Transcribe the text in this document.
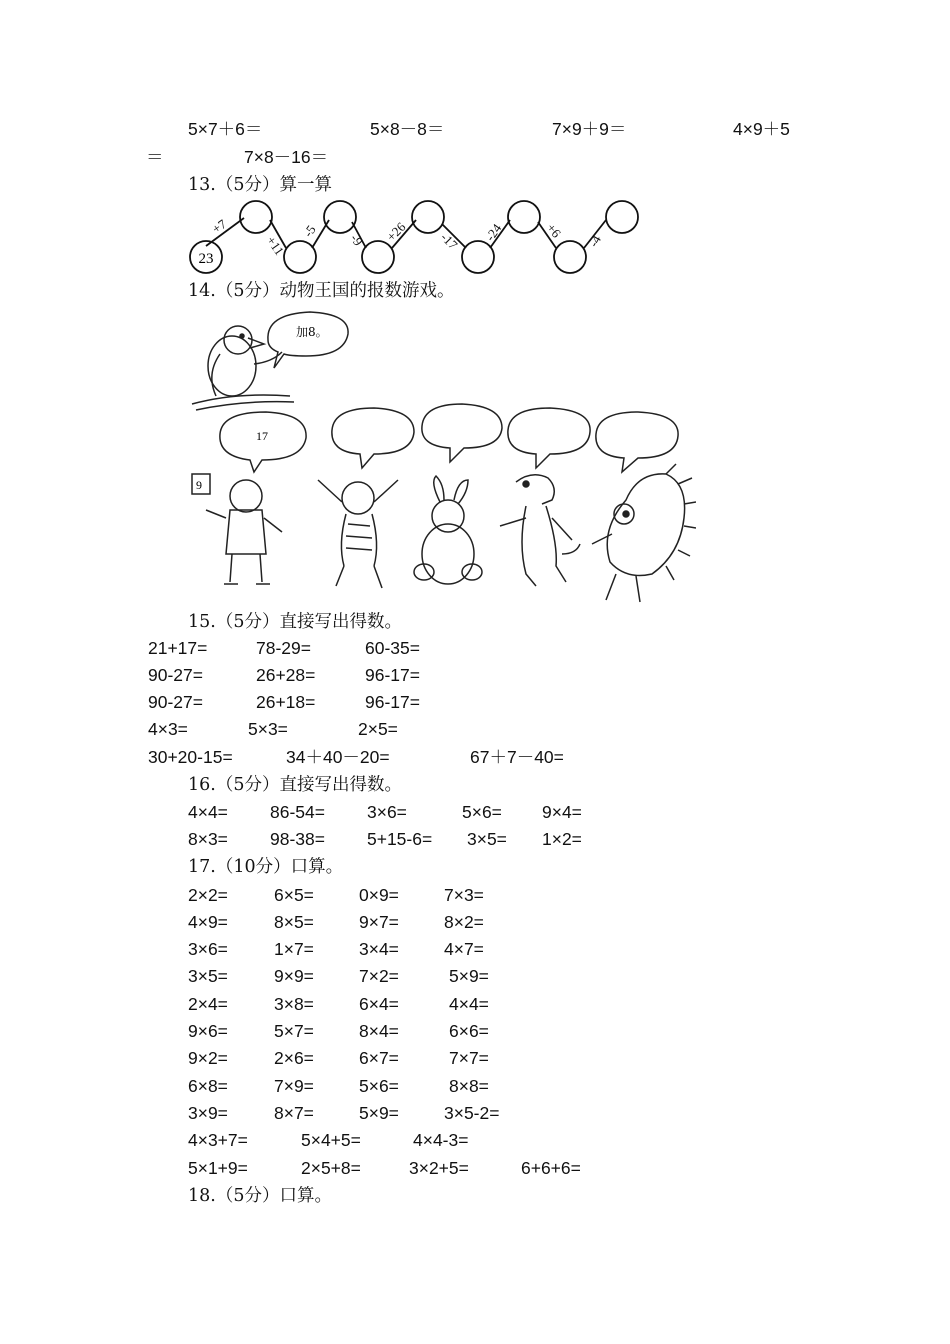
5×7＋6＝	5×8－8＝	7×9＋9＝	4×9＋5
＝	7×8－16＝
13.（5分）算一算
23
+7
+11
-5
-9 +26 -17 -24	+6
-4
14.（5分）动物王国的报数游戏。
加8。
17
9
15.（5分）直接写出得数。
21+17=	78-29=	60-35=
90-27=	26+28=	96-17=
90-27=	26+18=	96-17=
4×3=	5×3=	2×5=
30+20-15=	34＋40－20=	67＋7－40=
16.（5分）直接写出得数。
4×4= 86-54= 3×6=	5×6= 9×4=
8×3= 98-38= 5+15-6= 3×5= 1×2=
17.（10分）口算。
2×2=	6×5=	0×9=	7×3=
4×9=	8×5=	9×7=	8×2=
3×6=	1×7=	3×4=	4×7=
3×5=	9×9=	7×2=	5×9=
2×4=	3×8=	6×4=	4×4=
9×6=	5×7=	8×4=	6×6=
9×2=	2×6=	6×7=	7×7=
6×8=	7×9=	5×6=	8×8=
3×9=	8×7=	5×9=	3×5-2=
4×3+7=	5×4+5=	4×4-3=
5×1+9=	2×5+8=	3×2+5=	6+6+6=
18.（5分）口算。
